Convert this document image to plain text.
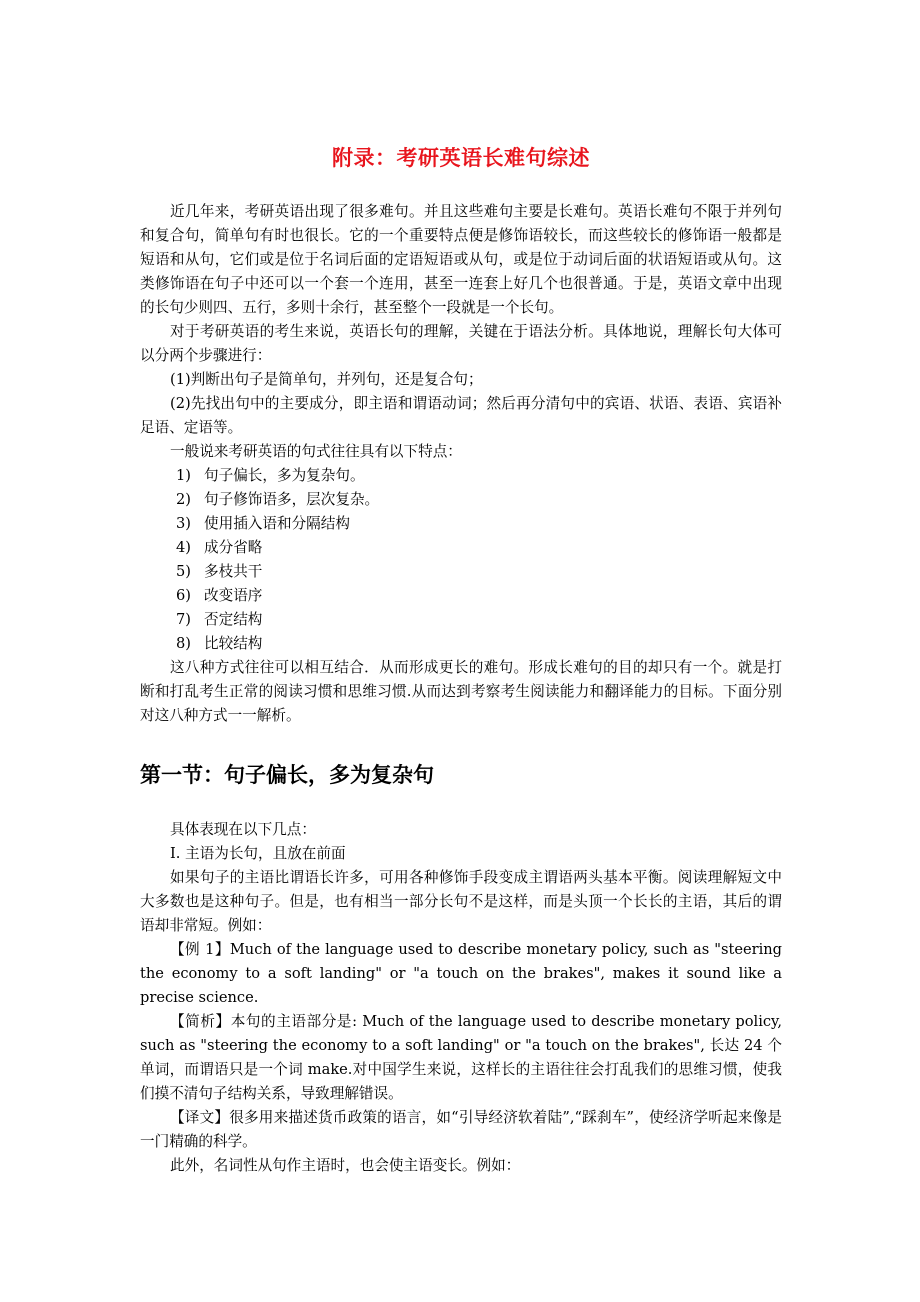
附录：考研英语长难句综述

近几年来，考研英语出现了很多难句。并且这些难句主要是长难句。英语长难句不限于并列句和复合句，简单句有时也很长。它的一个重要特点便是修饰语较长，而这些较长的修饰语一般都是短语和从句，它们或是位于名词后面的定语短语或从句，或是位于动词后面的状语短语或从句。这类修饰语在句子中还可以一个套一个连用，甚至一连套上好几个也很普通。于是，英语文章中出现的长句少则四、五行，多则十余行，甚至整个一段就是一个长句。

对于考研英语的考生来说，英语长句的理解，关键在于语法分析。具体地说，理解长句大体可以分两个步骤进行：

(1)判断出句子是简单句，并列句，还是复合句；

(2)先找出句中的主要成分，即主语和谓语动词；然后再分清句中的宾语、状语、表语、宾语补足语、定语等。

一般说来考研英语的句式往往具有以下特点：

1) 句子偏长，多为复杂句。
2) 句子修饰语多，层次复杂。
3) 使用插入语和分隔结构
4) 成分省略
5) 多枝共干
6) 改变语序
7) 否定结构
8) 比较结构

这八种方式往往可以相互结合．从而形成更长的难句。形成长难句的目的却只有一个。就是打断和打乱考生正常的阅读习惯和思维习惯.从而达到考察考生阅读能力和翻译能力的目标。下面分别对这八种方式一一解析。

第一节：句子偏长，多为复杂句

具体表现在以下几点：

I. 主语为长句，且放在前面

如果句子的主语比谓语长许多，可用各种修饰手段变成主谓语两头基本平衡。阅读理解短文中大多数也是这种句子。但是，也有相当一部分长句不是这样，而是头顶一个长长的主语，其后的谓语却非常短。例如：

【例 1】Much of the language used to describe monetary policy, such as "steering the economy to a soft landing" or "a touch on the brakes", makes it sound like a precise science.

【简析】本句的主语部分是: Much of the language used to describe monetary policy, such as "steering the economy to a soft landing" or "a touch on the brakes", 长达 24 个单词，而谓语只是一个词 make.对中国学生来说，这样长的主语往往会打乱我们的思维习惯，使我们摸不清句子结构关系，导致理解错误。

【译文】很多用来描述货币政策的语言，如“引导经济软着陆”,“踩刹车”，使经济学听起来像是一门精确的科学。

此外，名词性从句作主语时，也会使主语变长。例如：
